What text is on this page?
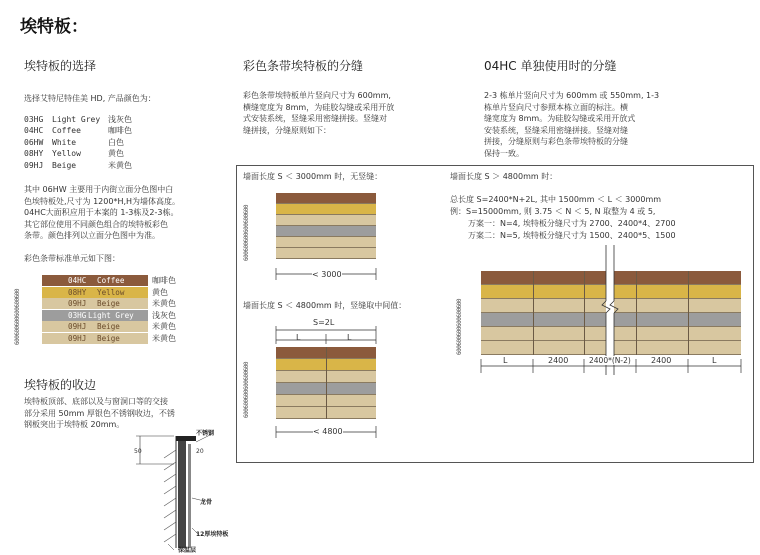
埃特板：
埃特板的选择
选择艾特尼特佳美 HD, 产品颜色为：
03HG Light Grey 浅灰色
04HC Coffee	咖啡色
06HW White	白色
08HY Yellow	黄色
09HJ Beige	米黄色
其中 06HW 主要用于内街立面分色图中白
色埃特板处,尺寸为 1200*H,H为墙体高度。
04HC大面积应用于本案的 1-3栋及2-3栋。
其它部位使用不同颜色组合的埃特板彩色
条带。颜色排列以立面分色图中为准。
彩色条带标准单元如下图：
600600600600600600
04HC Coffee	咖啡色
08HY Yellow	黄色
09HJ Beige	米黄色
03HG Light Grey 浅灰色
09HJ Beige	米黄色
09HJ Beige	米黄色
埃特板的收边
埃特板顶部、底部以及与窗洞口等的交接
部分采用 50mm 厚银色不锈钢收边，不锈
钢板突出于埃特板 20mm。
50	20
不锈钢
龙骨
12厚埃特板
保温层
彩色条带埃特板的分缝
彩色条带埃特板单片竖向尺寸为 600mm,
横缝宽度为 8mm，为硅胶勾缝或采用开放
式安装系统，竖缝采用密缝拼接。竖缝对
缝拼接，分缝原则如下：
04HC 单独使用时的分缝
2-3 栋单片竖向尺寸为 600mm 或 550mm, 1-3
栋单片竖向尺寸参照本栋立面的标注。横
缝宽度为 8mm。为硅胶勾缝或采用开放式
安装系统，竖缝采用密缝拼接。竖缝对缝
拼接，分缝原则与彩色条带埃特板的分缝
保持一致。
墙面长度 S ＜ 3000mm 时，无竖缝：
600600600600600600
< 3000
墙面长度 S ＜ 4800mm 时，竖缝取中间值：
S=2L
L	L
600600600600600600
< 4800
墙面长度 S ＞ 4800mm 时：
总长度 S=2400*N+2L, 其中 1500mm ＜ L ＜ 3000mm
例：S=15000mm, 则 3.75 ＜ N ＜ 5, N 取整为 4 或 5,
万案一：N=4, 埃特板分缝尺寸为 2700、2400*4、2700
万案二：N=5, 埃特板分缝尺寸为 1500、2400*5、1500
600600600600600600
L	2400	2400*(N-2)	2400	L
